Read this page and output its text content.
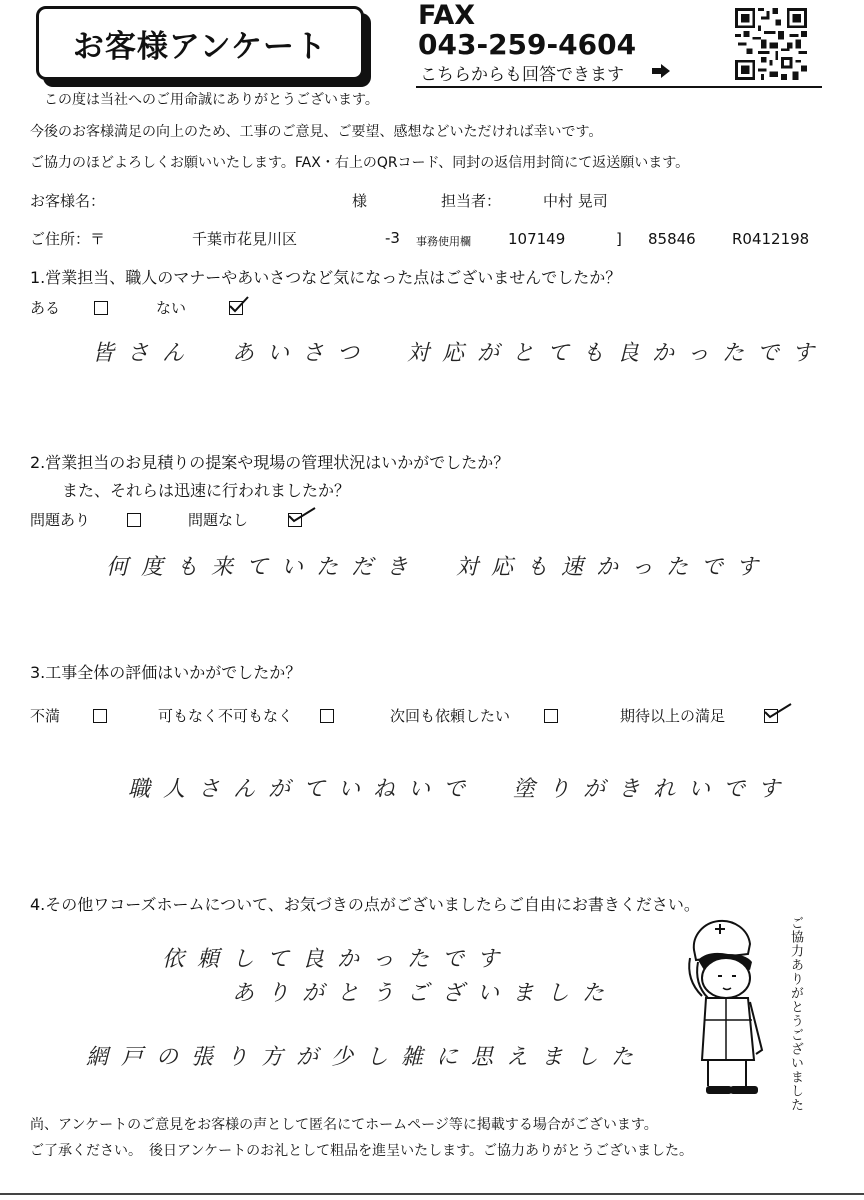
お客様アンケート
FAX
043-259-4604
こちらからも回答できます
この度は当社へのご用命誠にありがとうございます。
今後のお客様満足の向上のため、工事のご意見、ご要望、感想などいただければ幸いです。
ご協力のほどよろしくお願いいたします。FAX・右上のQRコード、同封の返信用封筒にて返送願います。
お客様名：	様	担当者：	中村 晃司
ご住所：〒	千葉市花見川区	-3 事務使用欄 107149	] 85846 R0412198
1.営業担当、職人のマナーやあいさつなど気になった点はございませんでしたか？
ある	ない
皆さん　あいさつ　対応がとても良かったです
2.営業担当のお見積りの提案や現場の管理状況はいかがでしたか？
また、それらは迅速に行われましたか？
問題あり	問題なし
何度も来ていただき　対応も速かったです
3.工事全体の評価はいかがでしたか？
不満	可もなく不可もなく	次回も依頼したい	期待以上の満足
職人さんがていねいで　塗りがきれいです
4.その他ワコーズホームについて、お気づきの点がございましたらご自由にお書きください。
依頼して良かったです
ありがとうございました
網戸の張り方が少し雑に思えました	ご協力ありがとうございました
尚、アンケートのご意見をお客様の声として匿名にてホームページ等に掲載する場合がございます。
ご了承ください。　後日アンケートのお礼として粗品を進呈いたします。ご協力ありがとうございました。
